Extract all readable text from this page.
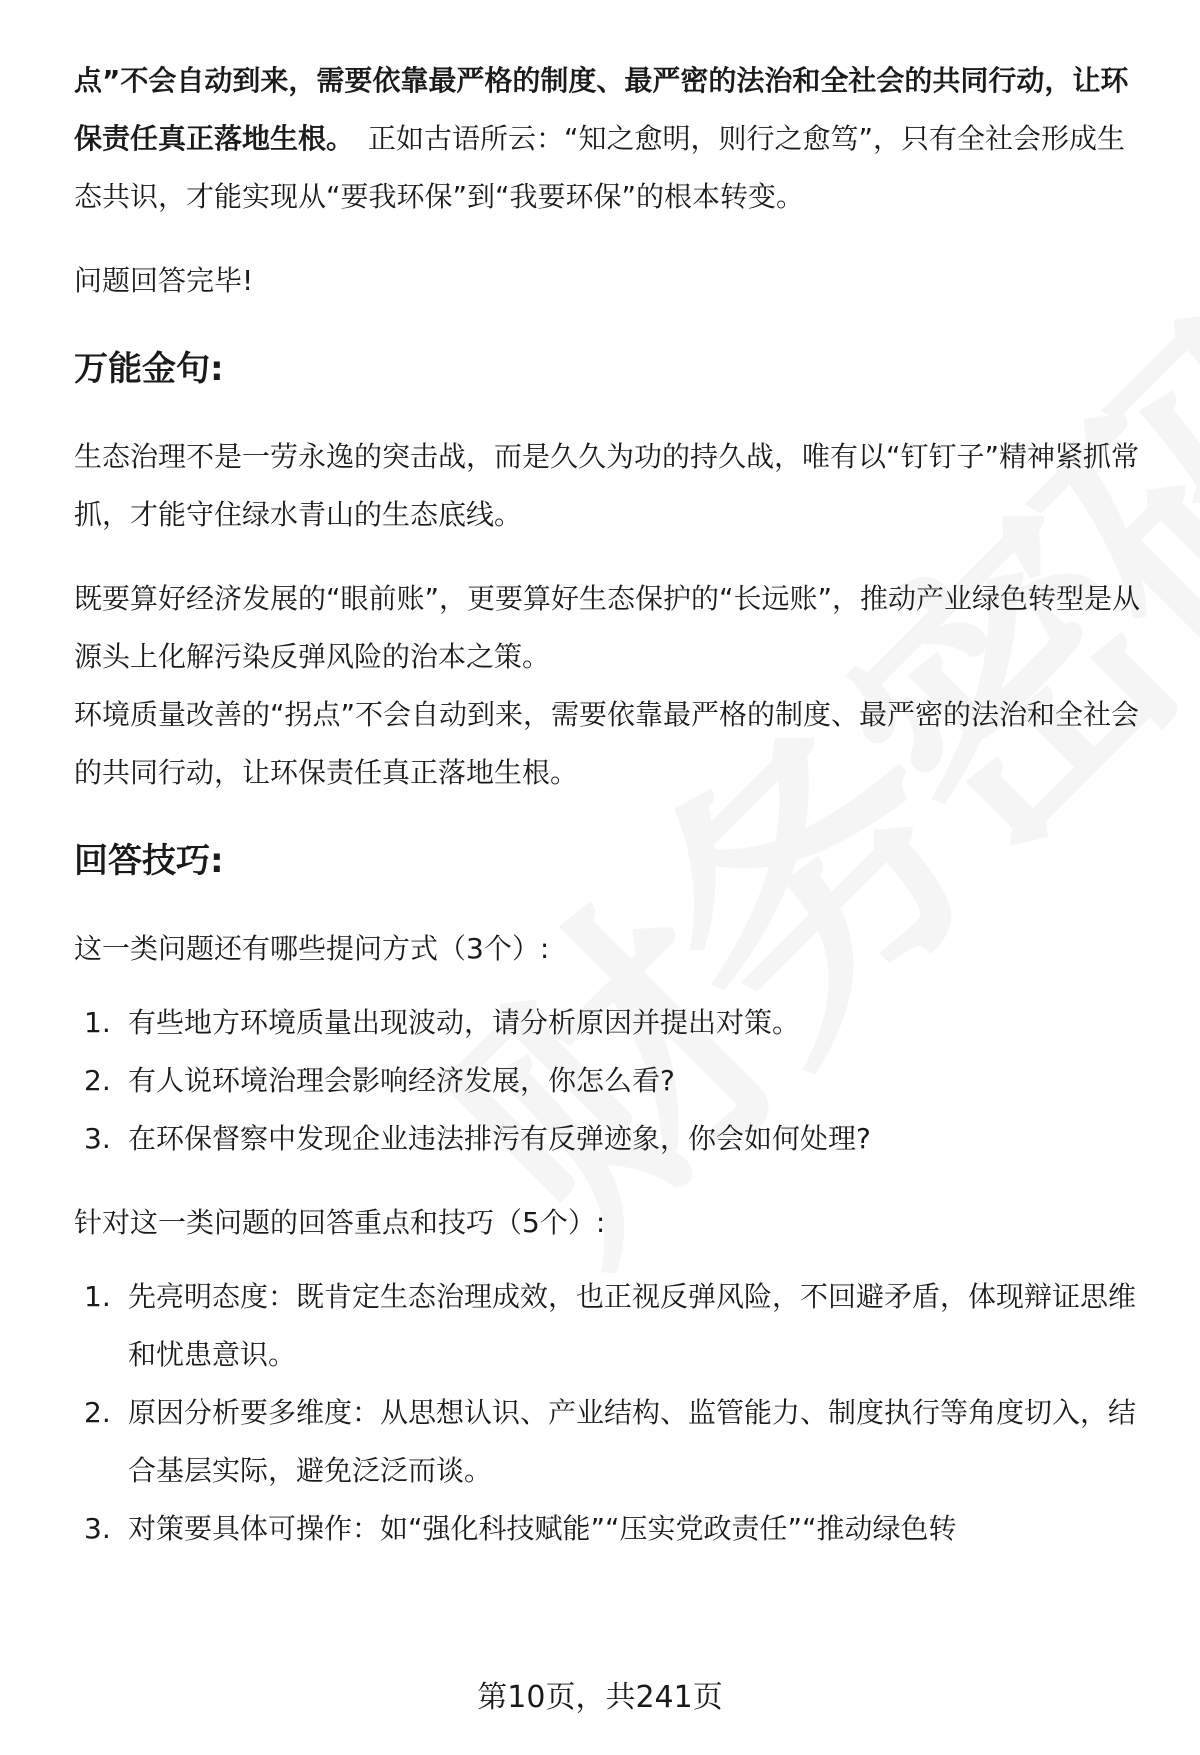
点”不会自动到来，需要依靠最严格的制度、最严密的法治和全社会的共同行动，让环保责任真正落地生根。 正如古语所云：“知之愈明，则行之愈笃”，只有全社会形成生态共识，才能实现从“要我环保”到“我要环保”的根本转变。

问题回答完毕!

万能金句:

生态治理不是一劳永逸的突击战，而是久久为功的持久战，唯有以“钉钉子”精神紧抓常抓，才能守住绿水青山的生态底线。

既要算好经济发展的“眼前账”，更要算好生态保护的“长远账”，推动产业绿色转型是从源头上化解污染反弹风险的治本之策。

环境质量改善的“拐点”不会自动到来，需要依靠最严格的制度、最严密的法治和全社会的共同行动，让环保责任真正落地生根。

回答技巧:

这一类问题还有哪些提问方式（3个）:

1. 有些地方环境质量出现波动，请分析原因并提出对策。
2. 有人说环境治理会影响经济发展，你怎么看?
3. 在环保督察中发现企业违法排污有反弹迹象，你会如何处理?

针对这一类问题的回答重点和技巧（5个）:

1. 先亮明态度：既肯定生态治理成效，也正视反弹风险，不回避矛盾，体现辩证思维和忧患意识。
2. 原因分析要多维度：从思想认识、产业结构、监管能力、制度执行等角度切入，结合基层实际，避免泛泛而谈。
3. 对策要具体可操作：如“强化科技赋能”“压实党政责任”“推动绿色转
第10页，共241页
